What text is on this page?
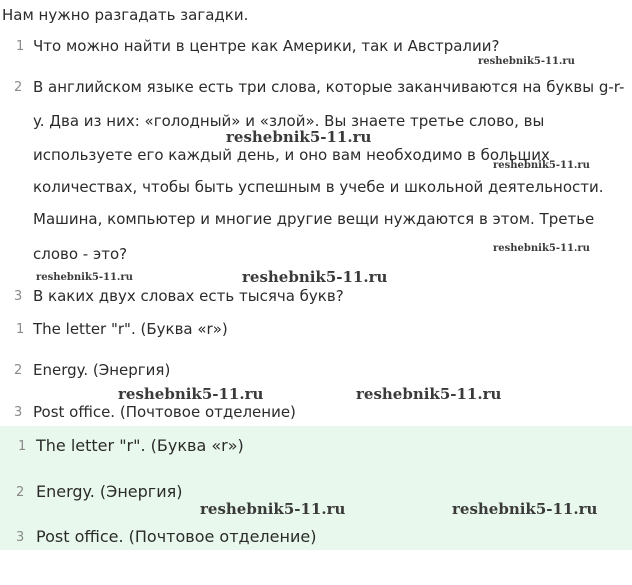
Нам нужно разгадать загадки.
1 Что можно найти в центре как Америки, так и Австралии?
2 В английском языке есть три слова, которые заканчиваются на буквы g-r-
y. Два из них: «голодный» и «злой». Вы знаете третье слово, вы
используете его каждый день, и оно вам необходимо в больших
количествах, чтобы быть успешным в учебе и школьной деятельности.
Машина, компьютер и многие другие вещи нуждаются в этом. Третье
слово - это?
3 В каких двух словах есть тысяча букв?
1 The letter "r". (Буква «r»)
2 Energy. (Энергия)
3 Post office. (Почтовое отделение)
1 The letter "r". (Буква «r»)
2 Energy. (Энергия)
3 Post office. (Почтовое отделение)
reshebnik5-11.ru
reshebnik5-11.ru
reshebnik5-11.ru
reshebnik5-11.ru
reshebnik5-11.ru	reshebnik5-11.ru
reshebnik5-11.ru	reshebnik5-11.ru
reshebnik5-11.ru	reshebnik5-11.ru
